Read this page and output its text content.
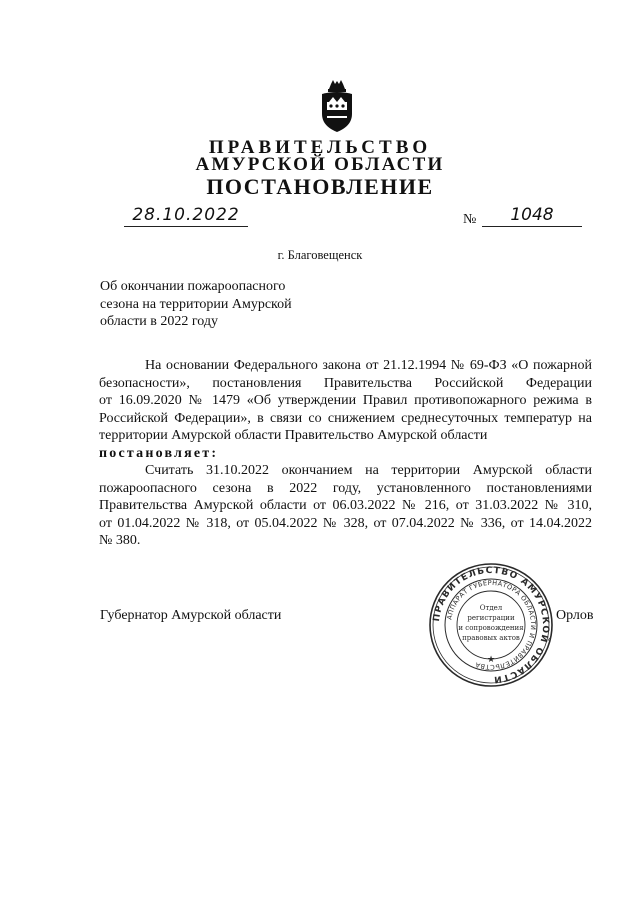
ПРАВИТЕЛЬСТВО
АМУРСКОЙ ОБЛАСТИ
ПОСТАНОВЛЕНИЕ
28.10.2022	№	1048
г. Благовещенск
Об окончании пожароопасного
сезона на территории Амурской
области в 2022 году
На основании Федерального закона от 21.12.1994 № 69-ФЗ «О пожарной
безопасности», постановления Правительства Российской Федерации
от 16.09.2020 № 1479 «Об утверждении Правил противопожарного режима в
Российской Федерации», в связи со снижением среднесуточных температур на
территории Амурской области Правительство Амурской области
постановляет:
Считать 31.10.2022 окончанием на территории Амурской области
пожароопасного сезона в 2022 году, установленного постановлениями
Правительства Амурской области от 06.03.2022 № 216, от 31.03.2022 № 310,
от 01.04.2022 № 318, от 05.04.2022 № 328, от 07.04.2022 № 336, от 14.04.2022
№ 380.
Губернатор Амурской области	Орлов
ПРАВИТЕЛЬСТВО АМУРСКОЙ ОБЛАСТИ
АППАРАТ ГУБЕРНАТОРА ОБЛАСТИ И ПРАВИТЕЛЬСТВА
Отдел
регистрации
и сопровождения
правовых актов
★
